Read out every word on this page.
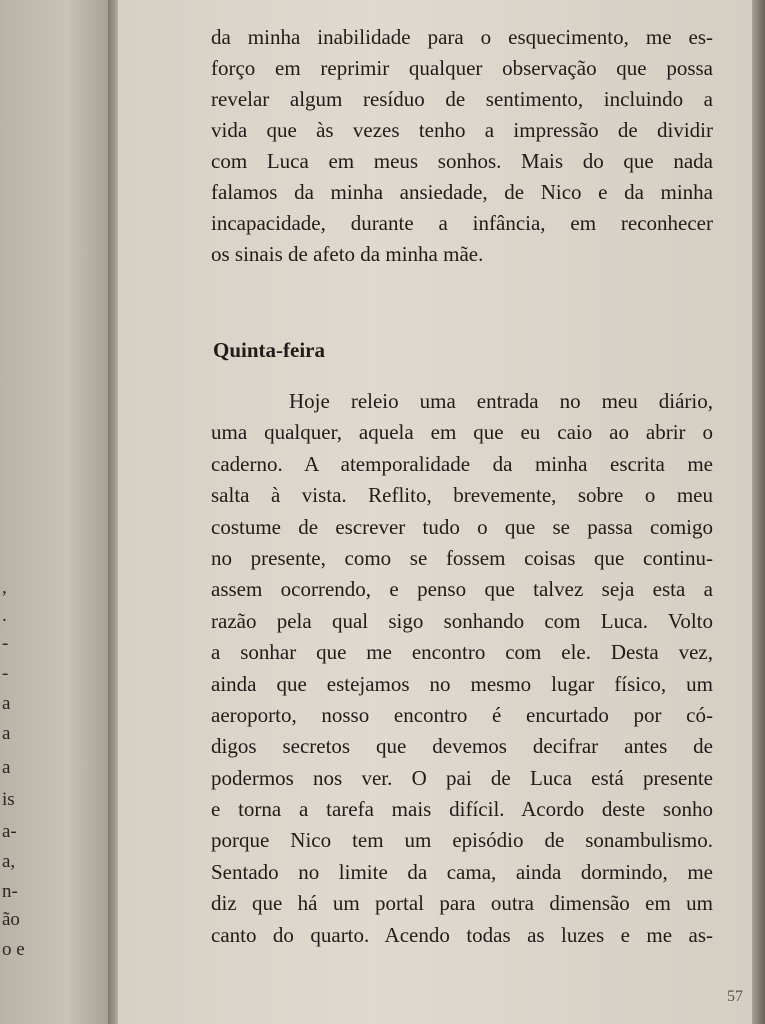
,
.
-
-
a
a
a
is
a-
a,
n-
ão
o e
da minha inabilidade para o esquecimento, me es-
forço em reprimir qualquer observação que possa
revelar algum resíduo de sentimento, incluindo a
vida que às vezes tenho a impressão de dividir
com Luca em meus sonhos. Mais do que nada
falamos da minha ansiedade, de Nico e da minha
incapacidade, durante a infância, em reconhecer
os sinais de afeto da minha mãe.
Quinta-feira
Hoje releio uma entrada no meu diário,
uma qualquer, aquela em que eu caio ao abrir o
caderno. A atemporalidade da minha escrita me
salta à vista. Reflito, brevemente, sobre o meu
costume de escrever tudo o que se passa comigo
no presente, como se fossem coisas que continu-
assem ocorrendo, e penso que talvez seja esta a
razão pela qual sigo sonhando com Luca. Volto
a sonhar que me encontro com ele. Desta vez,
ainda que estejamos no mesmo lugar físico, um
aeroporto, nosso encontro é encurtado por có-
digos secretos que devemos decifrar antes de
podermos nos ver. O pai de Luca está presente
e torna a tarefa mais difícil. Acordo deste sonho
porque Nico tem um episódio de sonambulismo.
Sentado no limite da cama, ainda dormindo, me
diz que há um portal para outra dimensão em um
canto do quarto. Acendo todas as luzes e me as-
57
